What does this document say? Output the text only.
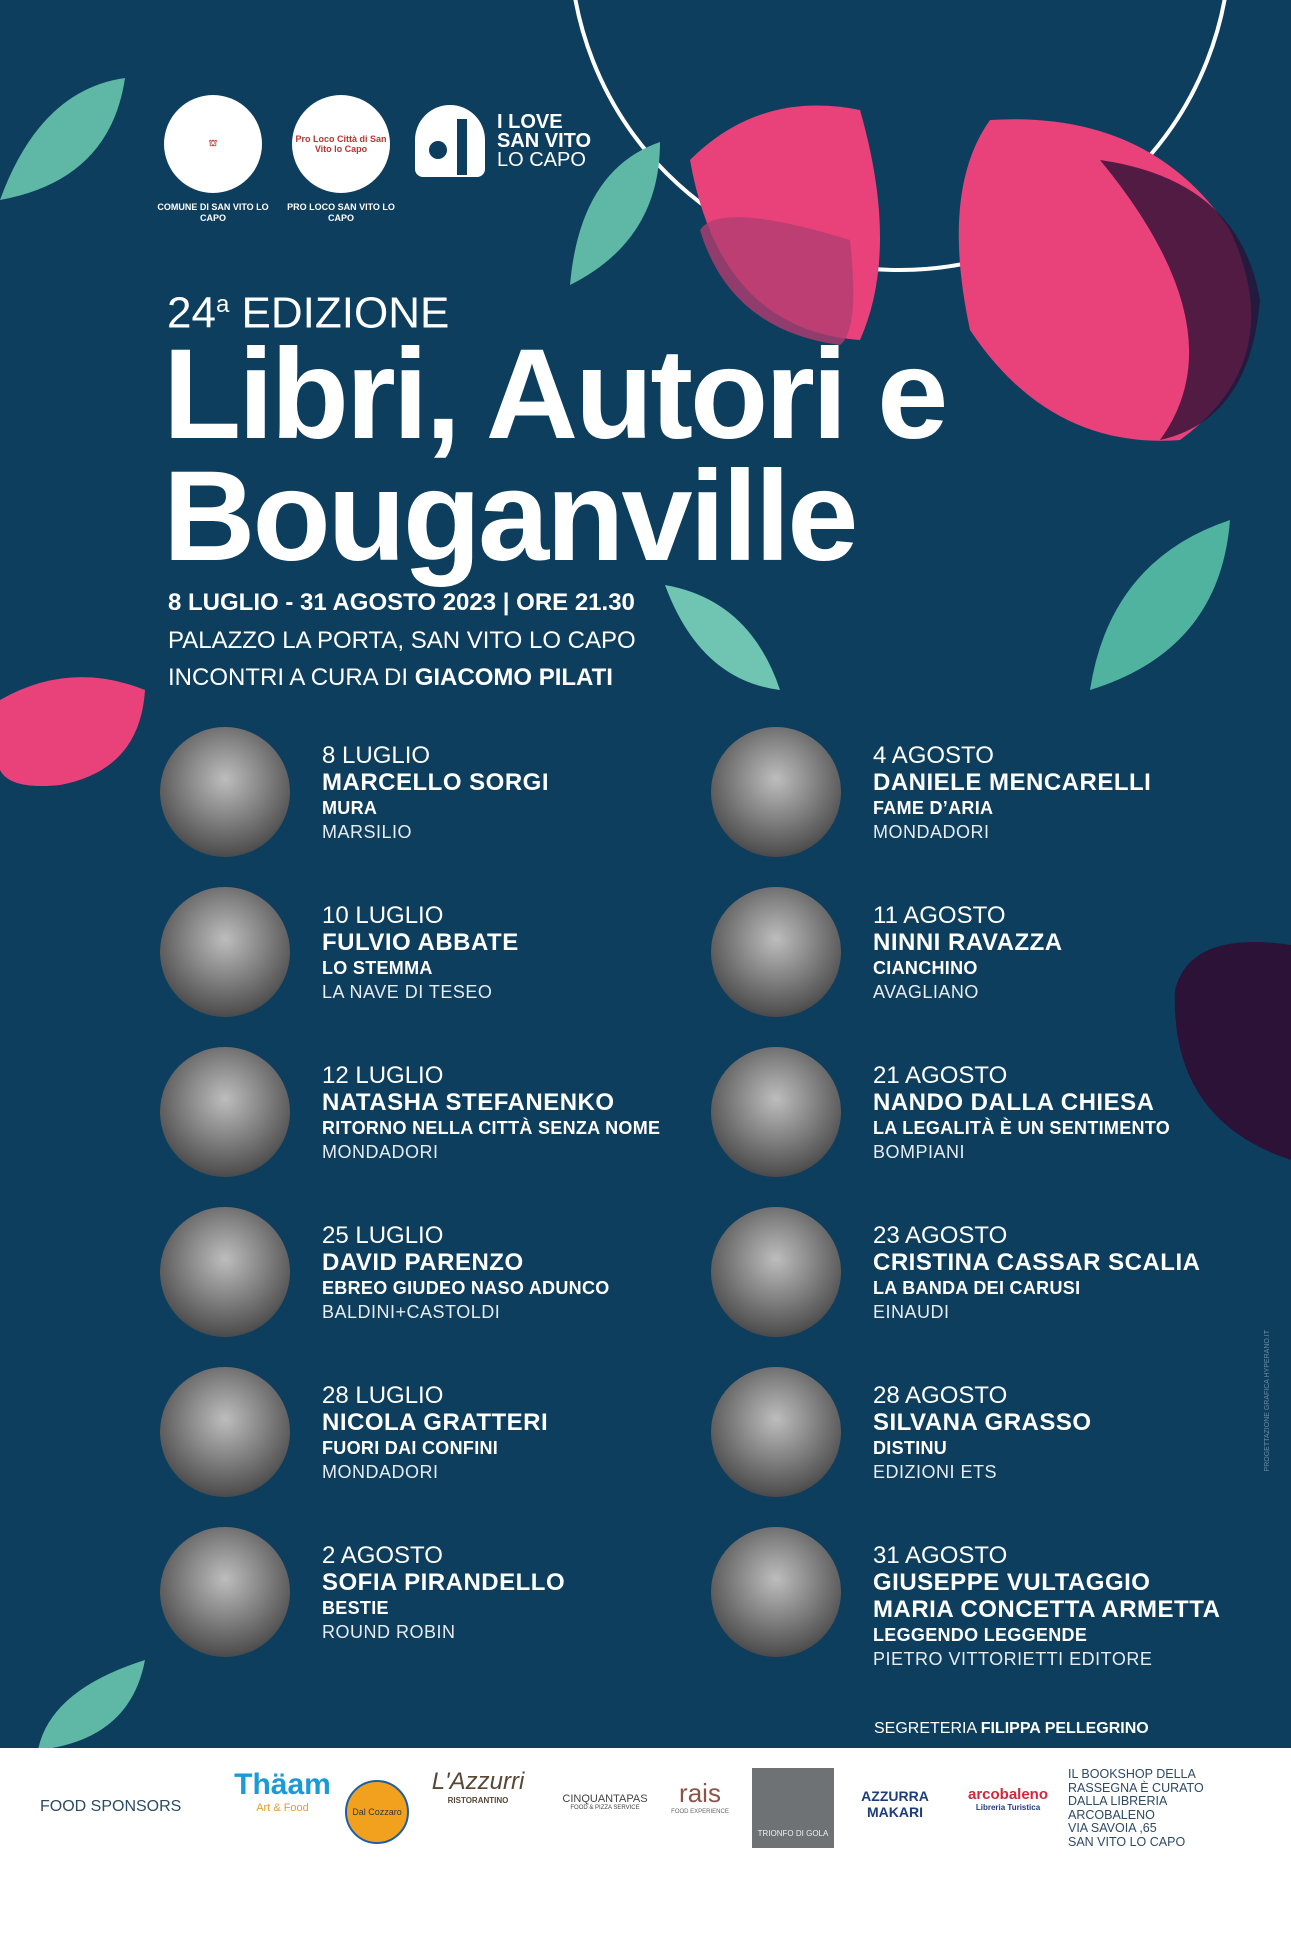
⛫
COMUNE DI SAN VITO LO CAPO
Pro Loco Città di San Vito lo Capo
PRO LOCO SAN VITO LO CAPO
I LOVE
SAN VITO
LO CAPO
24$^a$ EDIZIONE
Libri, Autori e
Bouganville
8 LUGLIO - 31 AGOSTO 2023 | ORE 21.30
PALAZZO LA PORTA, SAN VITO LO CAPO
INCONTRI A CURA DI GIACOMO PILATI
8 LUGLIO
MARCELLO SORGI
MURA
MARSILIO
10 LUGLIO
FULVIO ABBATE
LO STEMMA
LA NAVE DI TESEO
12 LUGLIO
NATASHA STEFANENKO
RITORNO NELLA CITTÀ SENZA NOME
MONDADORI
25 LUGLIO
DAVID PARENZO
EBREO GIUDEO NASO ADUNCO
BALDINI+CASTOLDI
28 LUGLIO
NICOLA GRATTERI
FUORI DAI CONFINI
MONDADORI
2 AGOSTO
SOFIA PIRANDELLO
BESTIE
ROUND ROBIN
4 AGOSTO
DANIELE MENCARELLI
FAME D’ARIA
MONDADORI
11 AGOSTO
NINNI RAVAZZA
CIANCHINO
AVAGLIANO
21 AGOSTO
NANDO DALLA CHIESA
LA LEGALITÀ È UN SENTIMENTO
BOMPIANI
23 AGOSTO
CRISTINA CASSAR SCALIA
LA BANDA DEI CARUSI
EINAUDI
28 AGOSTO
SILVANA GRASSO
DISTINU
EDIZIONI ETS
31 AGOSTO
GIUSEPPE VULTAGGIO
MARIA CONCETTA ARMETTA
LEGGENDO LEGGENDE
PIETRO VITTORIETTI EDITORE
SEGRETERIA FILIPPA PELLEGRINO
PROGETTAZIONE GRAFICA HYPERANO.IT
FOOD SPONSORS
Thäam
Art & Food	Dal Cozzaro
L'Azzurri
RISTORANTINO	CINQUANTAPAS
FOOD & PIZZA SERVICE rais
FOOD EXPERIENCE
TRIONFO DI GOLA
AZZURRA
MAKARI
arcobaleno
Libreria Turistica
IL BOOKSHOP DELLA
RASSEGNA È CURATO
DALLA LIBRERIA
ARCOBALENO
VIA SAVOIA ,65
SAN VITO LO CAPO
